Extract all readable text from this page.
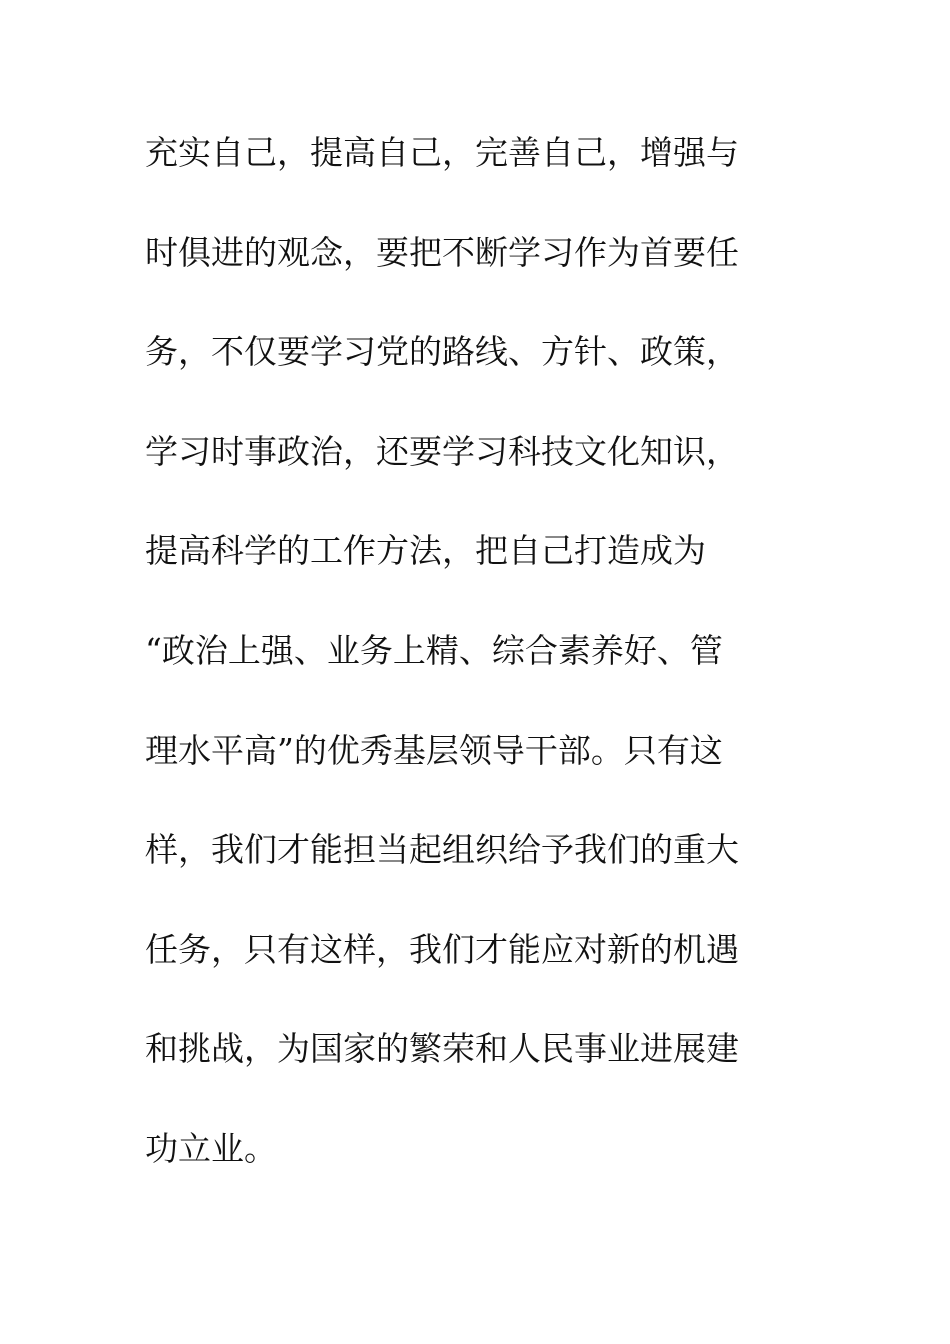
充实自己，提高自己，完善自己，增强与
时俱进的观念，要把不断学习作为首要任
务，不仅要学习党的路线、方针、政策，
学习时事政治，还要学习科技文化知识，
提高科学的工作方法，把自己打造成为
“政治上强、业务上精、综合素养好、管
理水平高”的优秀基层领导干部。只有这
样，我们才能担当起组织给予我们的重大
任务，只有这样，我们才能应对新的机遇
和挑战，为国家的繁荣和人民事业进展建
功立业。
